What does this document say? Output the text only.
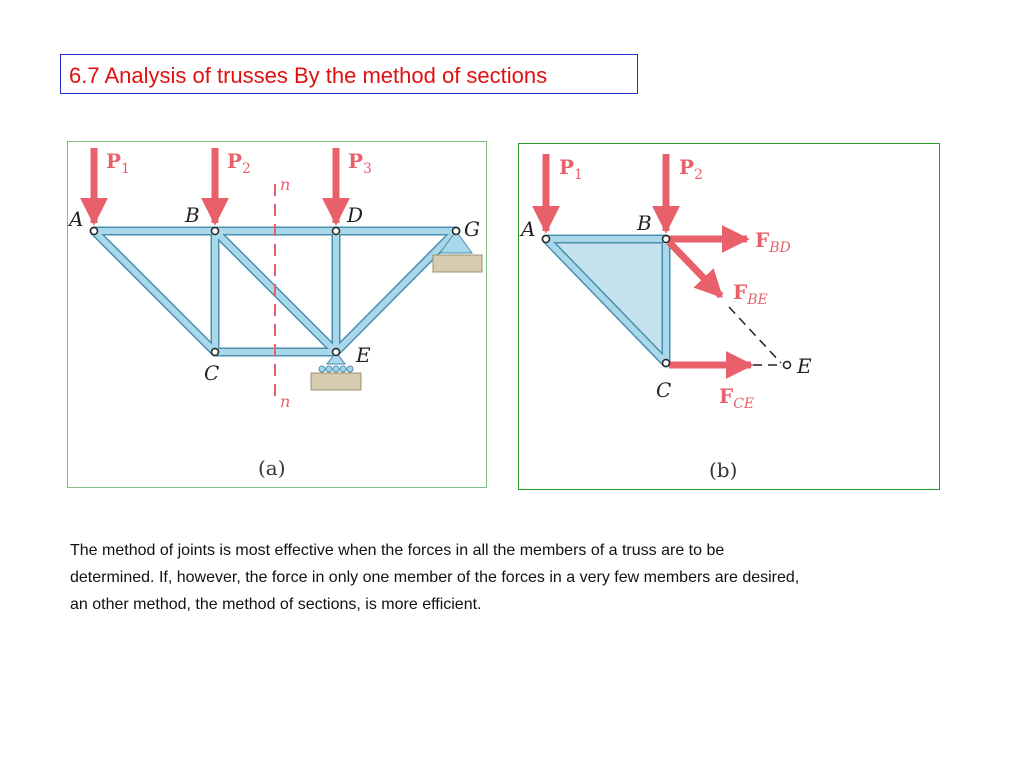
6.7 Analysis of trusses By the method of sections
n
n
$P_1$	$P_2$	$P_3$
A	B	D
G
C
E
(a)
$P_1$	$P_2$
$F_{BD}$
$F_{BE}$
$F_{CE}$
A	B
C
E
(b)
The method of joints is most effective when the forces in all the members of a truss are to be
determined. If, however, the force in only one member of the forces in a very few members are desired,
an other method, the method of sections, is more efficient.
